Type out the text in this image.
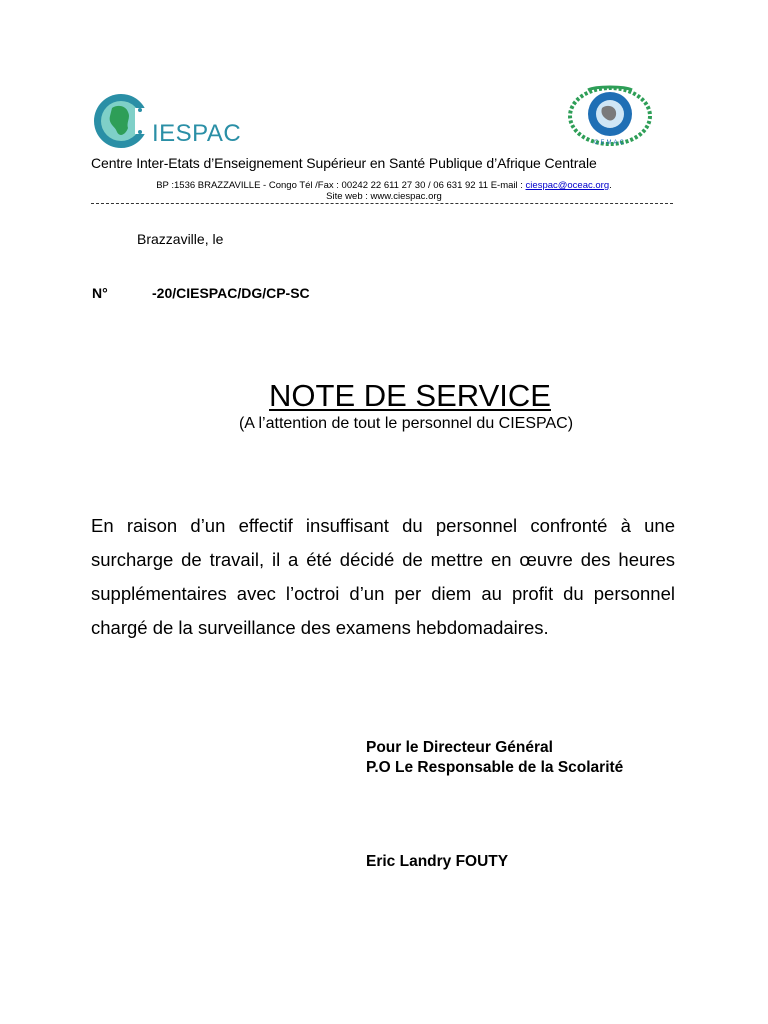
IESPAC	CEMAC
Centre Inter-Etats d’Enseignement Supérieur en Santé Publique d’Afrique Centrale
BP :1536 BRAZZAVILLE - Congo Tél /Fax : 00242 22 611 27 30 / 06 631 92 11 E-mail : ciespac@oceac.org.
Site web : www.ciespac.org
Brazzaville, le
N°	-20/CIESPAC/DG/CP-SC
NOTE DE SERVICE
(A l’attention de tout le personnel du CIESPAC)
En raison d’un effectif insuffisant du personnel confronté à une surcharge de travail, il a été décidé de mettre en œuvre des heures supplémentaires avec l’octroi d’un per diem au profit du personnel chargé de la surveillance des examens hebdomadaires.
Pour le Directeur Général
P.O Le Responsable de la Scolarité
Eric Landry FOUTY
